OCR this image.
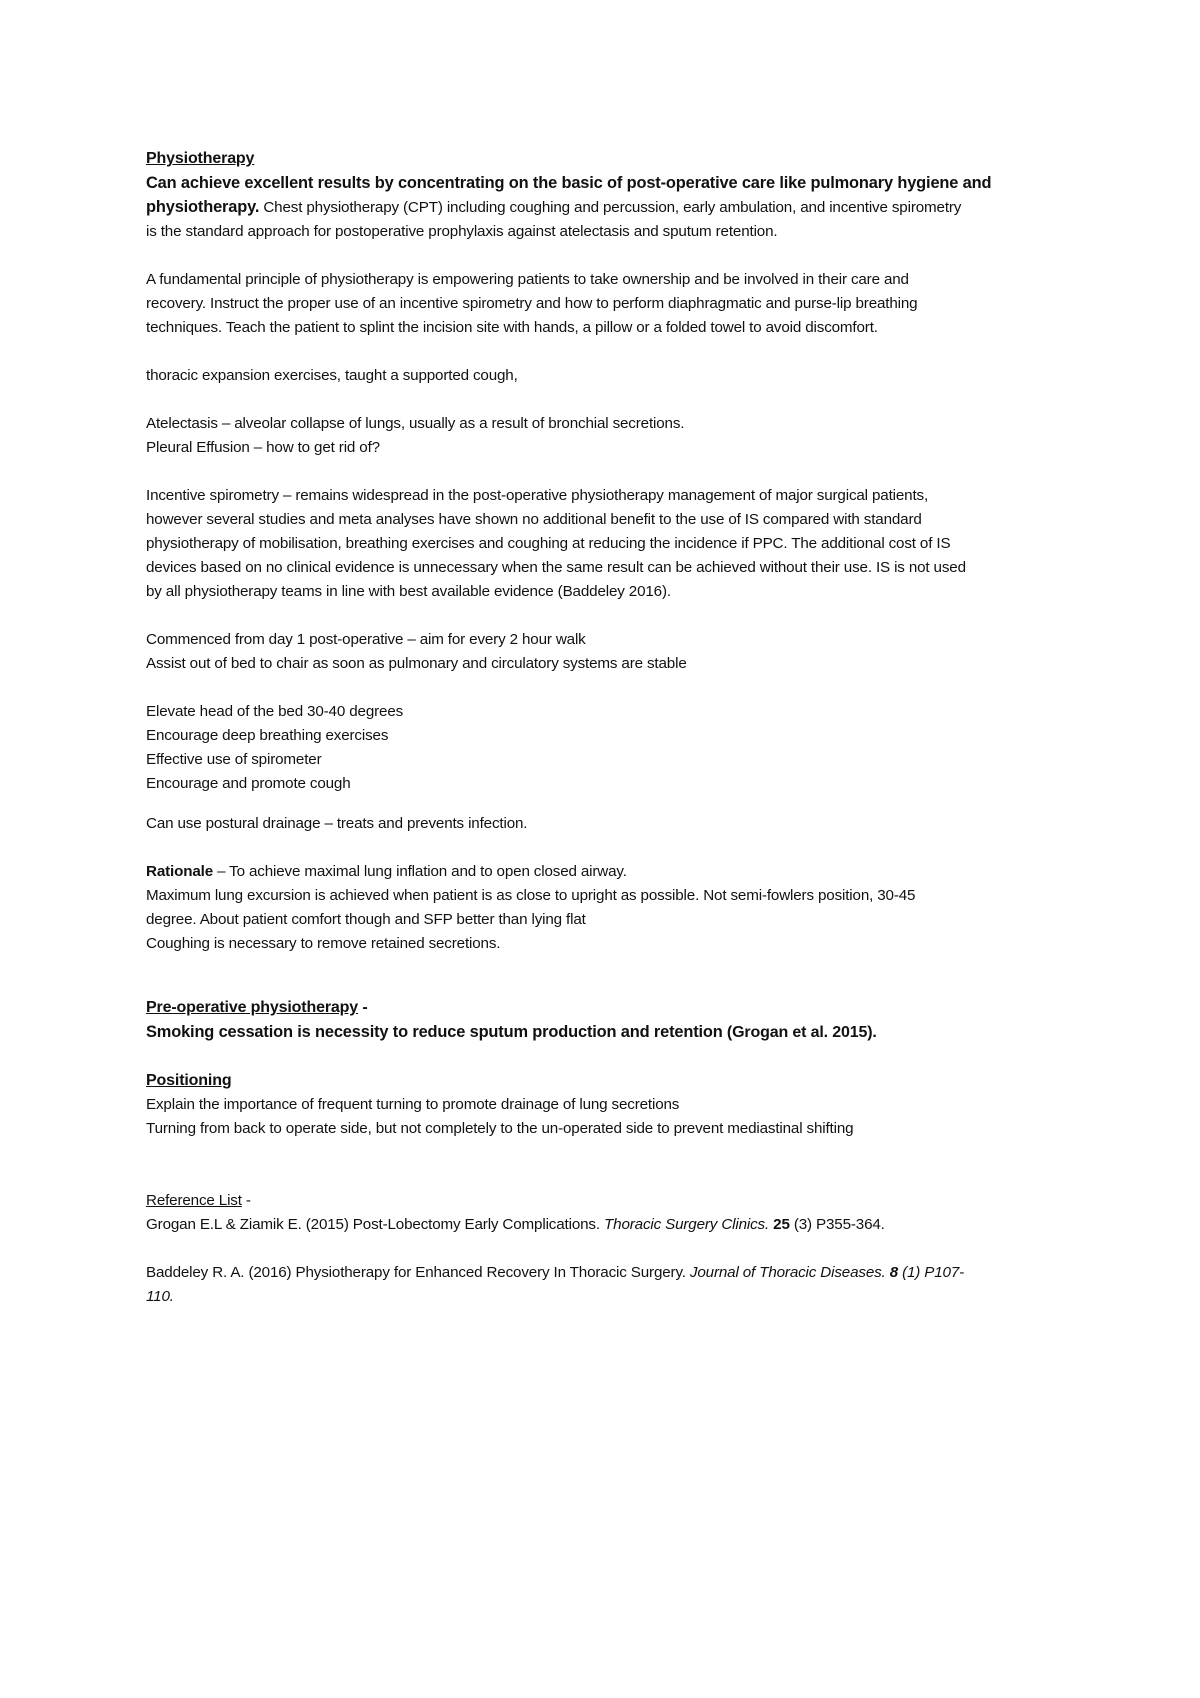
Physiotherapy
Can achieve excellent results by concentrating on the basic of post-operative care like pulmonary hygiene and
physiotherapy. Chest physiotherapy (CPT) including coughing and percussion, early ambulation, and incentive spirometry
is the standard approach for postoperative prophylaxis against atelectasis and sputum retention.
A fundamental principle of physiotherapy is empowering patients to take ownership and be involved in their care and
recovery. Instruct the proper use of an incentive spirometry and how to perform diaphragmatic and purse-lip breathing
techniques. Teach the patient to splint the incision site with hands, a pillow or a folded towel to avoid discomfort.
thoracic expansion exercises, taught a supported cough,
Atelectasis – alveolar collapse of lungs, usually as a result of bronchial secretions.
Pleural Effusion – how to get rid of?
Incentive spirometry – remains widespread in the post-operative physiotherapy management of major surgical patients,
however several studies and meta analyses have shown no additional benefit to the use of IS compared with standard
physiotherapy of mobilisation, breathing exercises and coughing at reducing the incidence if PPC. The additional cost of IS
devices based on no clinical evidence is unnecessary when the same result can be achieved without their use. IS is not used
by all physiotherapy teams in line with best available evidence (Baddeley 2016).
Commenced from day 1 post-operative – aim for every 2 hour walk
Assist out of bed to chair as soon as pulmonary and circulatory systems are stable
Elevate head of the bed 30-40 degrees
Encourage deep breathing exercises
Effective use of spirometer
Encourage and promote cough
Can use postural drainage – treats and prevents infection.
Rationale – To achieve maximal lung inflation and to open closed airway.
Maximum lung excursion is achieved when patient is as close to upright as possible. Not semi-fowlers position, 30-45
degree. About patient comfort though and SFP better than lying flat
Coughing is necessary to remove retained secretions.
Pre-operative physiotherapy -
Smoking cessation is necessity to reduce sputum production and retention (Grogan et al. 2015).
Positioning
Explain the importance of frequent turning to promote drainage of lung secretions
Turning from back to operate side, but not completely to the un-operated side to prevent mediastinal shifting
Reference List -
Grogan E.L & Ziamik E. (2015) Post-Lobectomy Early Complications. Thoracic Surgery Clinics. 25 (3) P355-364.
Baddeley R. A. (2016) Physiotherapy for Enhanced Recovery In Thoracic Surgery. Journal of Thoracic Diseases. 8 (1) P107-
110.
